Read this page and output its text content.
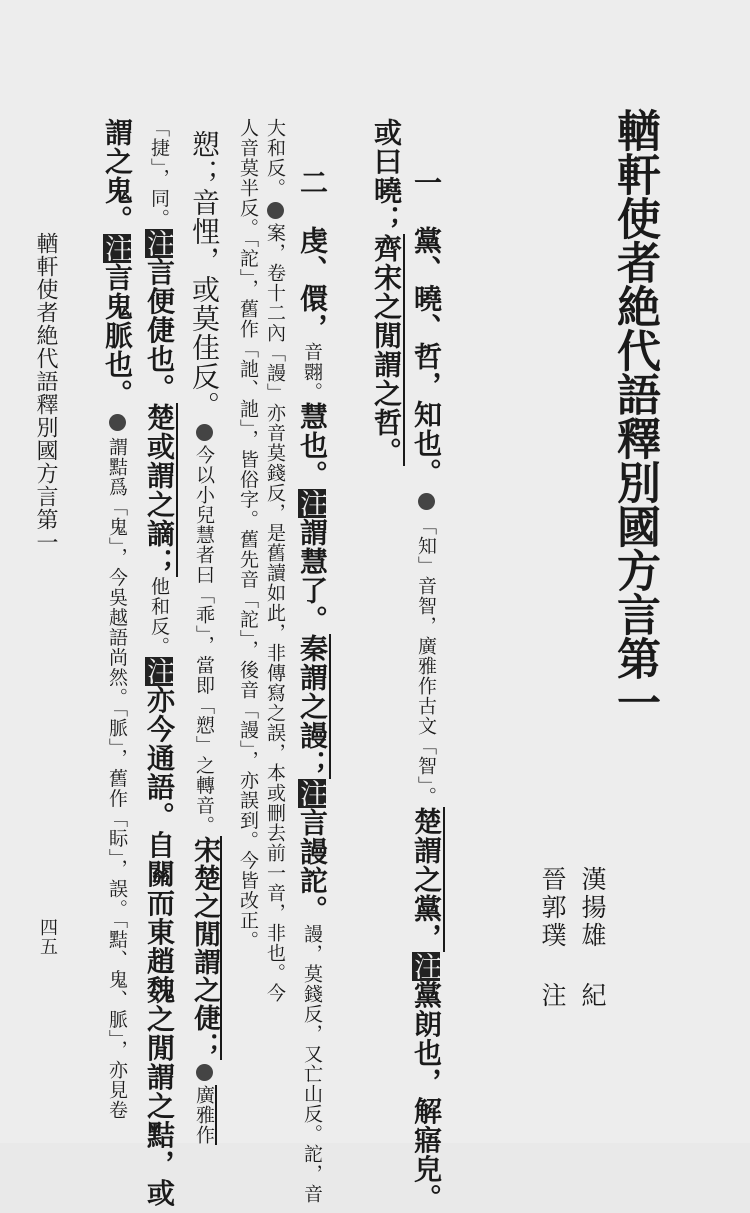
輶軒使者絶代語釋別國方言第一
漢揚雄 紀
晉郭璞 注
一　黨、曉、哲，知也。「知」音智，廣雅作古文「智」。楚謂之黨，注黨朗也，解寤皃。
或曰曉；齊宋之閒謂之哲。
二　虔、儇，音翾。慧也。注謂慧了。秦謂之謾；注言謾詑。謾，莫錢反，又亡山反。詑，音
大和反。案，卷十二內「謾」亦音莫錢反，是舊讀如此，非傳寫之誤，本或刪去前一音，非也。今
人音莫半反。「詑」，舊作「訑、訑」，皆俗字。舊先音「詑」，後音「謾」，亦誤到。今皆改正。
愬；音悝，或莫佳反。今以小兒慧者曰「乖」，當即「愬」之轉音。宋楚之閒謂之倢；廣雅作
「捷」，同。注言便倢也。楚或謂之謫；他和反。注亦今通語。自關而東趙魏之閒謂之黠，或
謂之鬼。注言鬼脈也。謂黠爲「鬼」，今吳越語尚然。「脈」，舊作「眎」，誤。「黠、鬼、脈」，亦見卷
輶軒使者絶代語釋別國方言第一
四五
